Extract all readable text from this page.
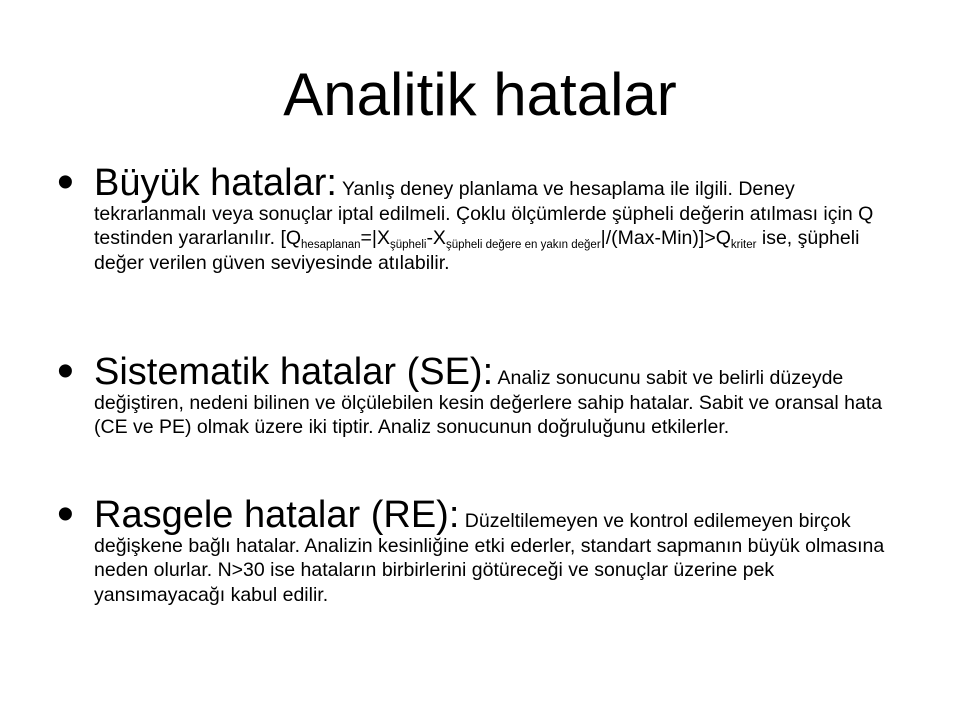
Analitik hatalar
• Büyük hatalar: Yanlış deney planlama ve hesaplama ile ilgili. Deney tekrarlanmalı veya sonuçlar iptal edilmeli. Çoklu ölçümlerde şüpheli değerin atılması için Q testinden yararlanılır. $[Q_{hesaplanan}=|X_{şüpheli}-X_{şüpheli değere en yakın değer}|/(Max-Min)]>Q_{kriter}$ ise, şüpheli değer verilen güven seviyesinde atılabilir.
• Sistematik hatalar (SE): Analiz sonucunu sabit ve belirli düzeyde değiştiren, nedeni bilinen ve ölçülebilen kesin değerlere sahip hatalar. Sabit ve oransal hata (CE ve PE) olmak üzere iki tiptir. Analiz sonucunun doğruluğunu etkilerler.
• Rasgele hatalar (RE): Düzeltilemeyen ve kontrol edilemeyen birçok değişkene bağlı hatalar. Analizin kesinliğine etki ederler, standart sapmanın büyük olmasına neden olurlar. N>30 ise hataların birbirlerini götüreceği ve sonuçlar üzerine pek yansımayacağı kabul edilir.
